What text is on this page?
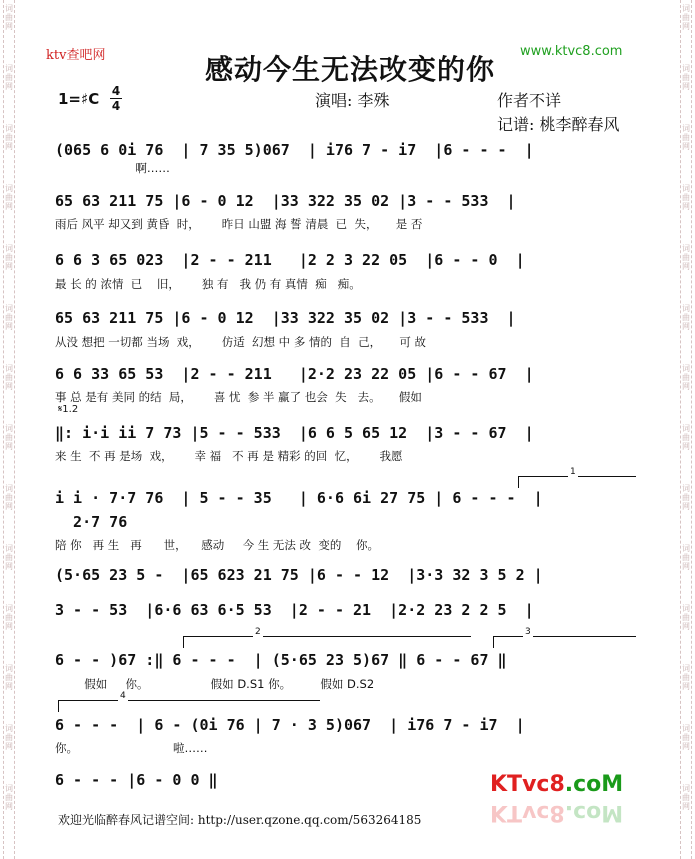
词
曲
网
词
曲
网
词
曲
网
词
曲
网
词
曲
网
词
曲
网
词
曲
网
词
曲
网
词
曲
网
词
曲
网
词
曲
网
词
曲
网
词
曲
网
词
曲
网
词
曲
网
词
曲
网
词
曲
网
词
曲
网
词
曲
网
词
曲
网
词
曲
网
词
曲
网
词
曲
网
词
曲
网
词
曲
网
词
曲
网
词
曲
网
词
曲
网
ktv查吧网	www.ktvc8.com
感动今生无法改变的你
1=♯C 4
4	演唱: 李殊	作者不详
记谱: 桃李醉春风
(065 6 0i 76  | 7 35 5)067  | i76 7 - i7  |6 - - -  |
啊……
65 63 211 75 |6 - 0 12  |33 322 35 02 |3 - - 533  |
雨后 风平 却又到 黄昏  时，      昨日 山盟 海 誓 清晨  已  失，     是 否
6 6 3 65 023  |2 - - 211   |2 2 3 22 05  |6 - - 0  |
最 长 的 浓情  已    旧，      独 有   我 仍 有 真情  痴   痴。
65 63 211 75 |6 - 0 12  |33 322 35 02 |3 - - 533  |
从没 想把 一切都 当场  戏，      仿适  幻想 中 多 情的  自  己，     可 故
6 6 33 65 53  |2 - - 211   |2·2 23 22 05 |6 - - 67  |
事 总 是有 美同 的结  局，      喜 忧  参 半 赢了 也会  失   去。     假如
𝄋1.2
‖: i·i ii 7 73 |5 - - 533  |6 6 5 65 12  |3 - - 67  |
来 生  不 再 是场  戏，      幸 福   不 再 是 精彩 的回  忆，      我愿
1
i i · 7·7 76  | 5 - - 35   | 6·6 6i 27 75 | 6 - - -  |
2·7 76
陪 你   再 生   再      世，    感动     今 生 无法 改  变的    你。
(5·65 23 5 -  |65 623 21 75 |6 - - 12  |3·3 32 3 5 2 |
3 - - 53  |6·6 63 6·5 53  |2 - - 21  |2·2 23 2 2 5  |
2	3
6 - - )67 :‖ 6 - - -  | (5·65 23 5)67 ‖ 6 - - 67 ‖
假如     你。                 假如 D.S1 你。        假如 D.S2
4
6 - - -  | 6 - (0i 76 | 7 · 3 5)067  | i76 7 - i7  |
你。                          啦……
6 - - - |6 - 0 0 ‖
欢迎光临醉春风记谱空间: http://user.qzone.qq.com/563264185
KTvc8.coM
KTvc8.coM
